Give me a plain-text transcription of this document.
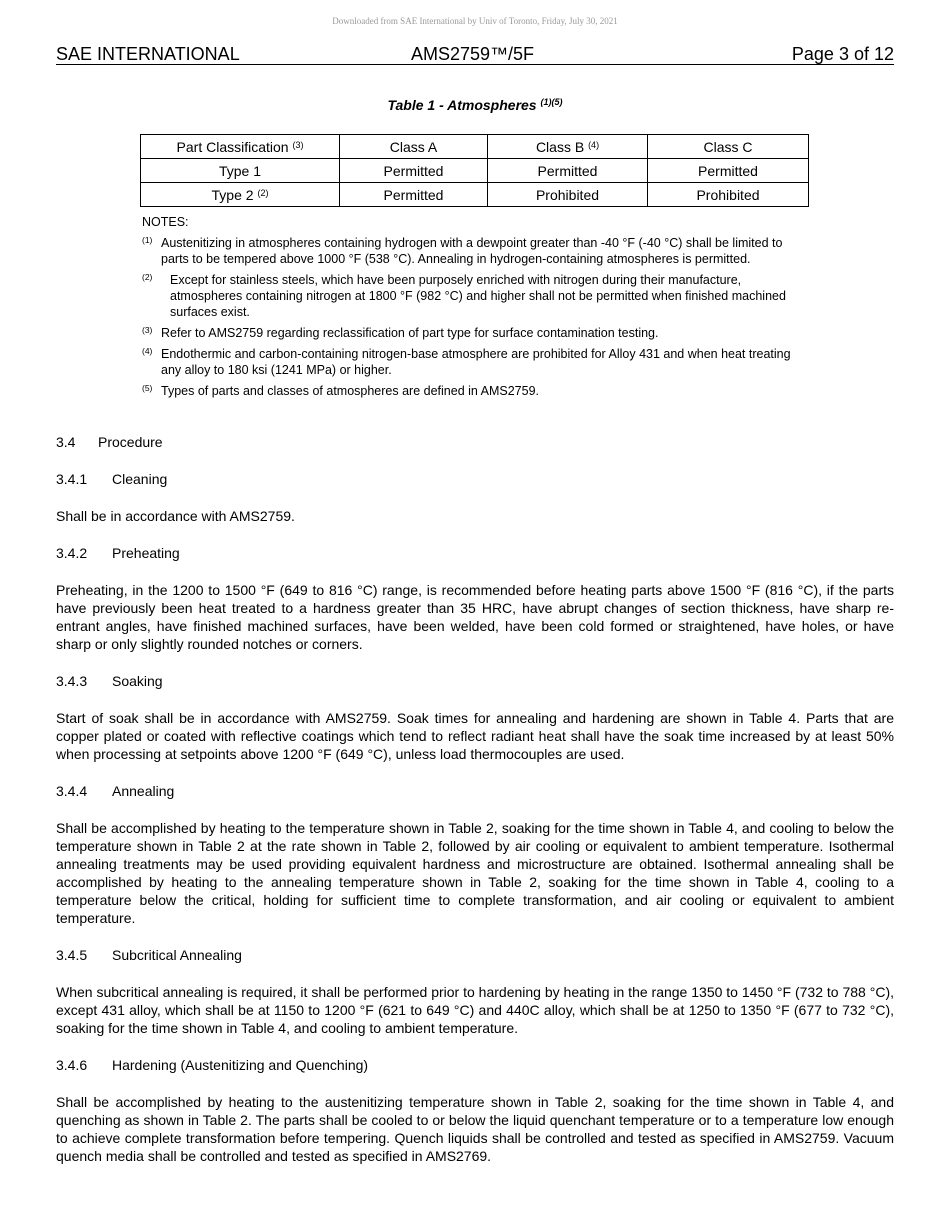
Downloaded from SAE International by Univ of Toronto, Friday, July 30, 2021
SAE INTERNATIONAL	AMS2759™/5F	Page 3 of 12
Table 1 - Atmospheres $^{(1)(5)}$
Part Classification $^{(3)}$	Class A	Class B $^{(4)}$	Class C
Type 1	Permitted	Permitted	Permitted
Type 2 $^{(2)}$	Permitted	Prohibited	Prohibited
NOTES:
(1) Austenitizing in atmospheres containing hydrogen with a dewpoint greater than -40 °F (-40 °C) shall be limited to parts to be tempered above 1000 °F (538 °C). Annealing in hydrogen-containing atmospheres is permitted.
(2) Except for stainless steels, which have been purposely enriched with nitrogen during their manufacture, atmospheres containing nitrogen at 1800 °F (982 °C) and higher shall not be permitted when finished machined surfaces exist.
(3) Refer to AMS2759 regarding reclassification of part type for surface contamination testing.
(4) Endothermic and carbon-containing nitrogen-base atmosphere are prohibited for Alloy 431 and when heat treating any alloy to 180 ksi (1241 MPa) or higher.
(5) Types of parts and classes of atmospheres are defined in AMS2759.
3.4 Procedure
3.4.1 Cleaning

Shall be in accordance with AMS2759.

3.4.2 Preheating

Preheating, in the 1200 to 1500 °F (649 to 816 °C) range, is recommended before heating parts above 1500 °F (816 °C), if the parts have previously been heat treated to a hardness greater than 35 HRC, have abrupt changes of section thickness, have sharp re-entrant angles, have finished machined surfaces, have been welded, have been cold formed or straightened, have holes, or have sharp or only slightly rounded notches or corners.

3.4.3 Soaking

Start of soak shall be in accordance with AMS2759. Soak times for annealing and hardening are shown in Table 4. Parts that are copper plated or coated with reflective coatings which tend to reflect radiant heat shall have the soak time increased by at least 50% when processing at setpoints above 1200 °F (649 °C), unless load thermocouples are used.

3.4.4 Annealing

Shall be accomplished by heating to the temperature shown in Table 2, soaking for the time shown in Table 4, and cooling to below the temperature shown in Table 2 at the rate shown in Table 2, followed by air cooling or equivalent to ambient temperature. Isothermal annealing treatments may be used providing equivalent hardness and microstructure are obtained. Isothermal annealing shall be accomplished by heating to the annealing temperature shown in Table 2, soaking for the time shown in Table 4, cooling to a temperature below the critical, holding for sufficient time to complete transformation, and air cooling or equivalent to ambient temperature.

3.4.5 Subcritical Annealing

When subcritical annealing is required, it shall be performed prior to hardening by heating in the range 1350 to 1450 °F (732 to 788 °C), except 431 alloy, which shall be at 1150 to 1200 °F (621 to 649 °C) and 440C alloy, which shall be at 1250 to 1350 °F (677 to 732 °C), soaking for the time shown in Table 4, and cooling to ambient temperature.

3.4.6 Hardening (Austenitizing and Quenching)

Shall be accomplished by heating to the austenitizing temperature shown in Table 2, soaking for the time shown in Table 4, and quenching as shown in Table 2. The parts shall be cooled to or below the liquid quenchant temperature or to a temperature low enough to achieve complete transformation before tempering. Quench liquids shall be controlled and tested as specified in AMS2759. Vacuum quench media shall be controlled and tested as specified in AMS2769.
